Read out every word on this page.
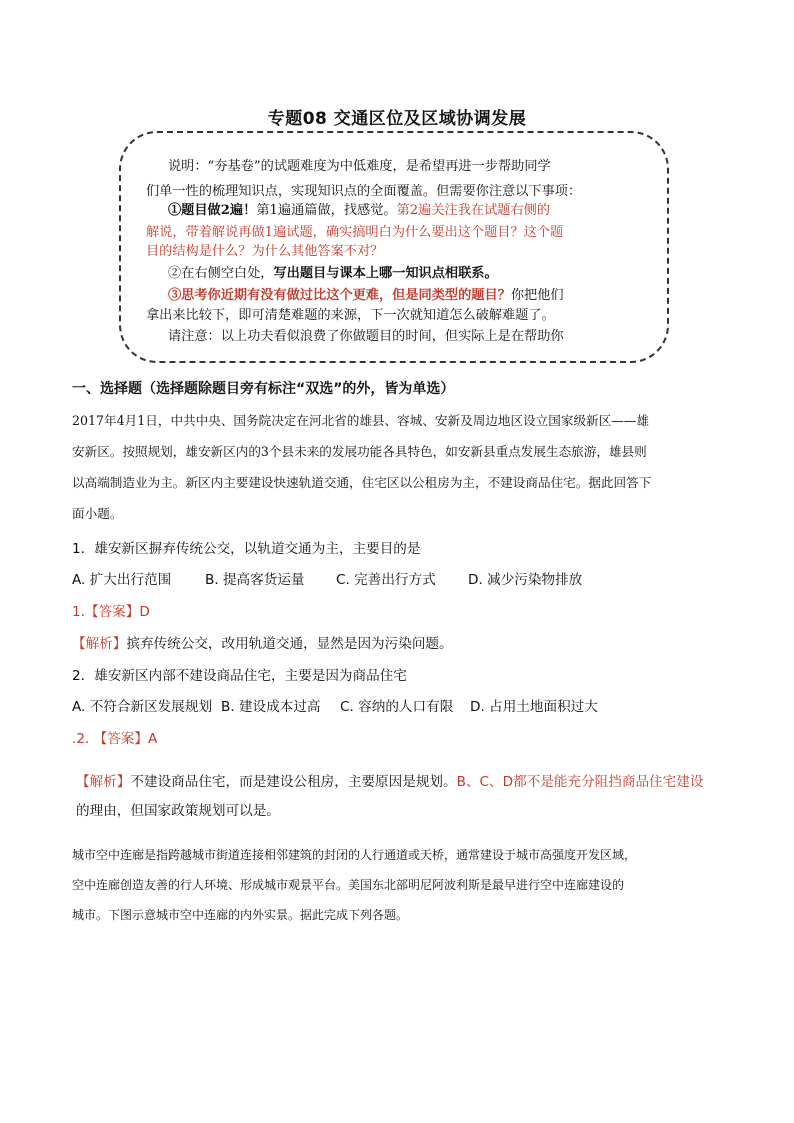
专题08 交通区位及区域协调发展
说明：“夯基卷”的试题难度为中低难度，是希望再进一步帮助同学
们单一性的梳理知识点，实现知识点的全面覆盖。但需要你注意以下事项：
①题目做2遍！第1遍通篇做，找感觉。第2遍关注我在试题右侧的
解说，带着解说再做1遍试题，确实搞明白为什么要出这个题目？这个题
目的结构是什么？为什么其他答案不对？
②在右侧空白处，写出题目与课本上哪一知识点相联系。
③思考你近期有没有做过比这个更难，但是同类型的题目？你把他们
拿出来比较下，即可清楚难题的来源，下一次就知道怎么破解难题了。
请注意：以上功夫看似浪费了你做题目的时间，但实际上是在帮助你
一、选择题（选择题除题目旁有标注“双选”的外，皆为单选）
2017年4月1日，中共中央、国务院决定在河北省的雄县、容城、安新及周边地区设立国家级新区——雄
安新区。按照规划，雄安新区内的3个县未来的发展功能各具特色，如安新县重点发展生态旅游，雄县则
以高端制造业为主。新区内主要建设快速轨道交通，住宅区以公租房为主，不建设商品住宅。据此回答下
面小题。
1．雄安新区摒弃传统公交，以轨道交通为主，主要目的是
A. 扩大出行范围 B. 提高客货运量 C. 完善出行方式 D. 减少污染物排放
1.【答案】D
【解析】摈弃传统公交，改用轨道交通，显然是因为污染问题。
2．雄安新区内部不建设商品住宅，主要是因为商品住宅
A. 不符合新区发展规划 B. 建设成本过高 C. 容纳的人口有限 D. 占用土地面积过大
.2. 【答案】A
【解析】不建设商品住宅，而是建设公租房，主要原因是规划。B、C、D都不是能充分阻挡商品住宅建设
的理由，但国家政策规划可以是。
城市空中连廊是指跨越城市街道连接相邻建筑的封闭的人行通道或天桥，通常建设于城市高强度开发区域，
空中连廊创造友善的行人环境、形成城市观景平台。美国东北部明尼阿波利斯是最早进行空中连廊建设的
城市。下图示意城市空中连廊的内外实景。据此完成下列各题。
